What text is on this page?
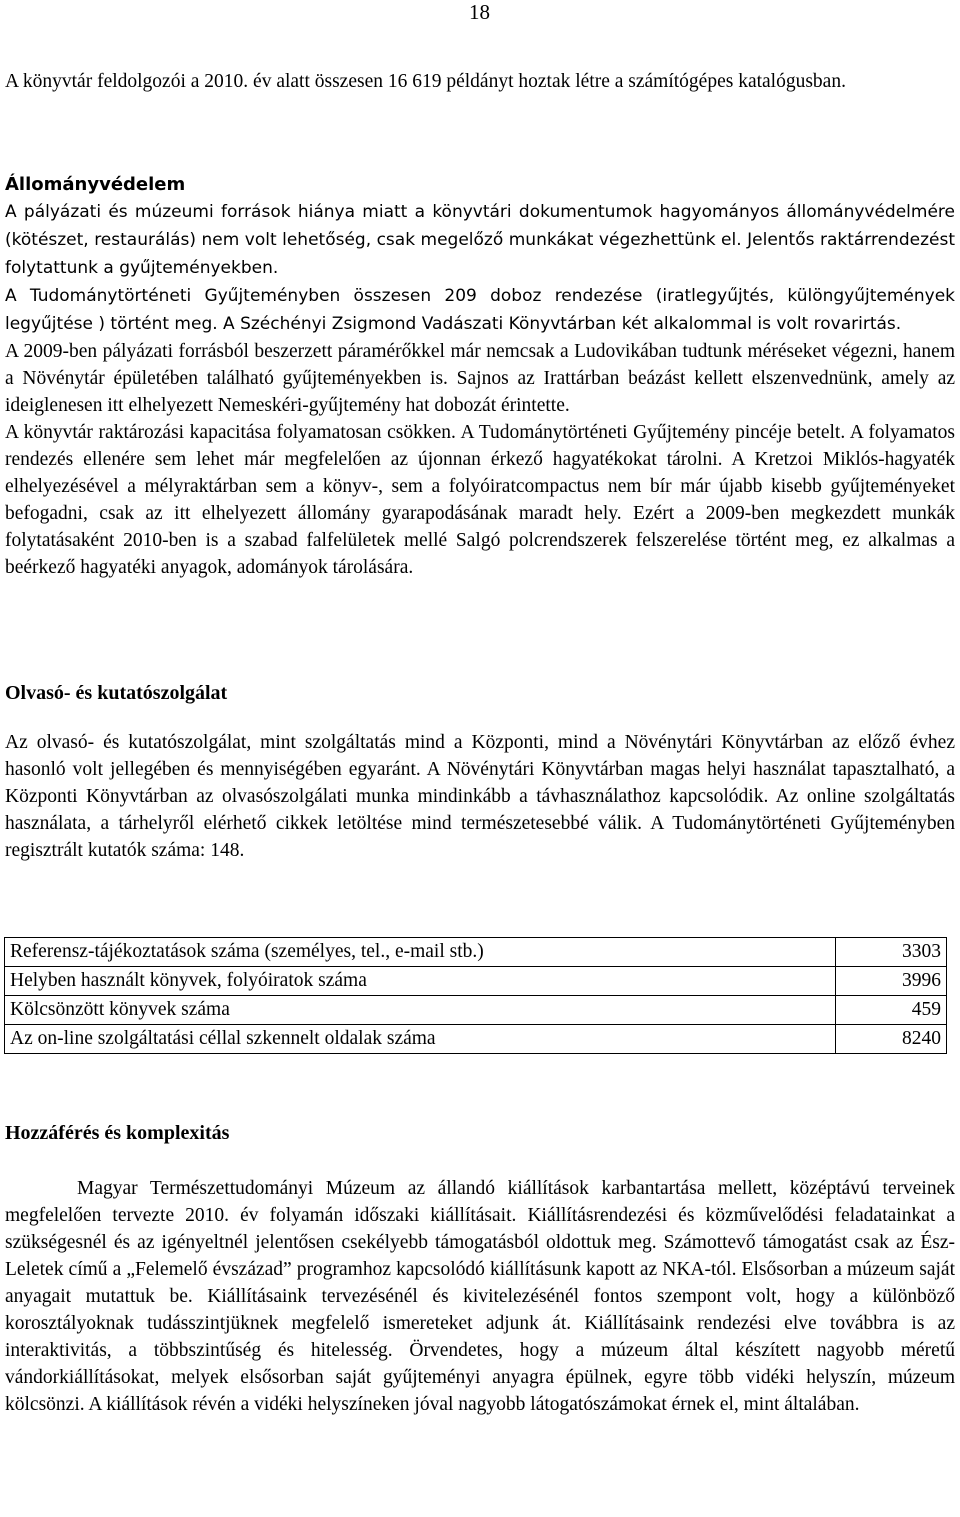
18

A könyvtár feldolgozói a 2010. év alatt összesen 16 619 példányt hoztak létre a számítógépes katalógusban.

Állományvédelem

A pályázati és múzeumi források hiánya miatt a könyvtári dokumentumok hagyományos állományvédelmére (kötészet, restaurálás) nem volt lehetőség, csak megelőző munkákat végezhettünk el. Jelentős raktárrendezést folytattunk a gyűjteményekben.

A Tudománytörténeti Gyűjteményben összesen 209 doboz rendezése (iratlegyűjtés, különgyűjtemények legyűjtése ) történt meg. A Széchényi Zsigmond Vadászati Könyvtárban két alkalommal is volt rovarirtás.

A 2009-ben pályázati forrásból beszerzett páramérőkkel már nemcsak a Ludovikában tudtunk méréseket végezni, hanem a Növénytár épületében található gyűjteményekben is. Sajnos az Irattárban beázást kellett elszenvednünk, amely az ideiglenesen itt elhelyezett Nemeskéri-gyűjtemény hat dobozát érintette.

A könyvtár raktározási kapacitása folyamatosan csökken. A Tudománytörténeti Gyűjtemény pincéje betelt. A folyamatos rendezés ellenére sem lehet már megfelelően az újonnan érkező hagyatékokat tárolni. A Kretzoi Miklós-hagyaték elhelyezésével a mélyraktárban sem a könyv-, sem a folyóiratcompactus nem bír már újabb kisebb gyűjteményeket befogadni, csak az itt elhelyezett állomány gyarapodásának maradt hely. Ezért a 2009-ben megkezdett munkák folytatásaként 2010-ben is a szabad falfelületek mellé Salgó polcrendszerek felszerelése történt meg, ez alkalmas a beérkező hagyatéki anyagok, adományok tárolására.

Olvasó- és kutatószolgálat

Az olvasó- és kutatószolgálat, mint szolgáltatás mind a Központi, mind a Növénytári Könyvtárban az előző évhez hasonló volt jellegében és mennyiségében egyaránt. A Növénytári Könyvtárban magas helyi használat tapasztalható, a Központi Könyvtárban az olvasószolgálati munka mindinkább a távhasználathoz kapcsolódik. Az online szolgáltatás használata, a tárhelyről elérhető cikkek letöltése mind természetesebbé válik. A Tudománytörténeti Gyűjteményben regisztrált kutatók száma: 148.

Referensz-tájékoztatások száma (személyes, tel., e-mail stb.)	3303
Helyben használt könyvek, folyóiratok száma	3996
Kölcsönzött könyvek száma	459
Az on-line szolgáltatási céllal szkennelt oldalak száma	8240
Hozzáférés és komplexitás

Magyar Természettudományi Múzeum az állandó kiállítások karbantartása mellett, középtávú terveinek megfelelően tervezte 2010. év folyamán időszaki kiállításait. Kiállításrendezési és közművelődési feladatainkat a szükségesnél és az igényeltnél jelentősen csekélyebb támogatásból oldottuk meg. Számottevő támogatást csak az Ész-Leletek című a „Felemelő évszázad” programhoz kapcsolódó kiállításunk kapott az NKA-tól. Elsősorban a múzeum saját anyagait mutattuk be. Kiállításaink tervezésénél és kivitelezésénél fontos szempont volt, hogy a különböző korosztályoknak tudásszintjüknek megfelelő ismereteket adjunk át. Kiállításaink rendezési elve továbbra is az interaktivitás, a többszintűség és hitelesség. Örvendetes, hogy a múzeum által készített nagyobb méretű vándorkiállításokat, melyek elsősorban saját gyűjteményi anyagra épülnek, egyre több vidéki helyszín, múzeum kölcsönzi. A kiállítások révén a vidéki helyszíneken jóval nagyobb látogatószámokat érnek el, mint általában.
